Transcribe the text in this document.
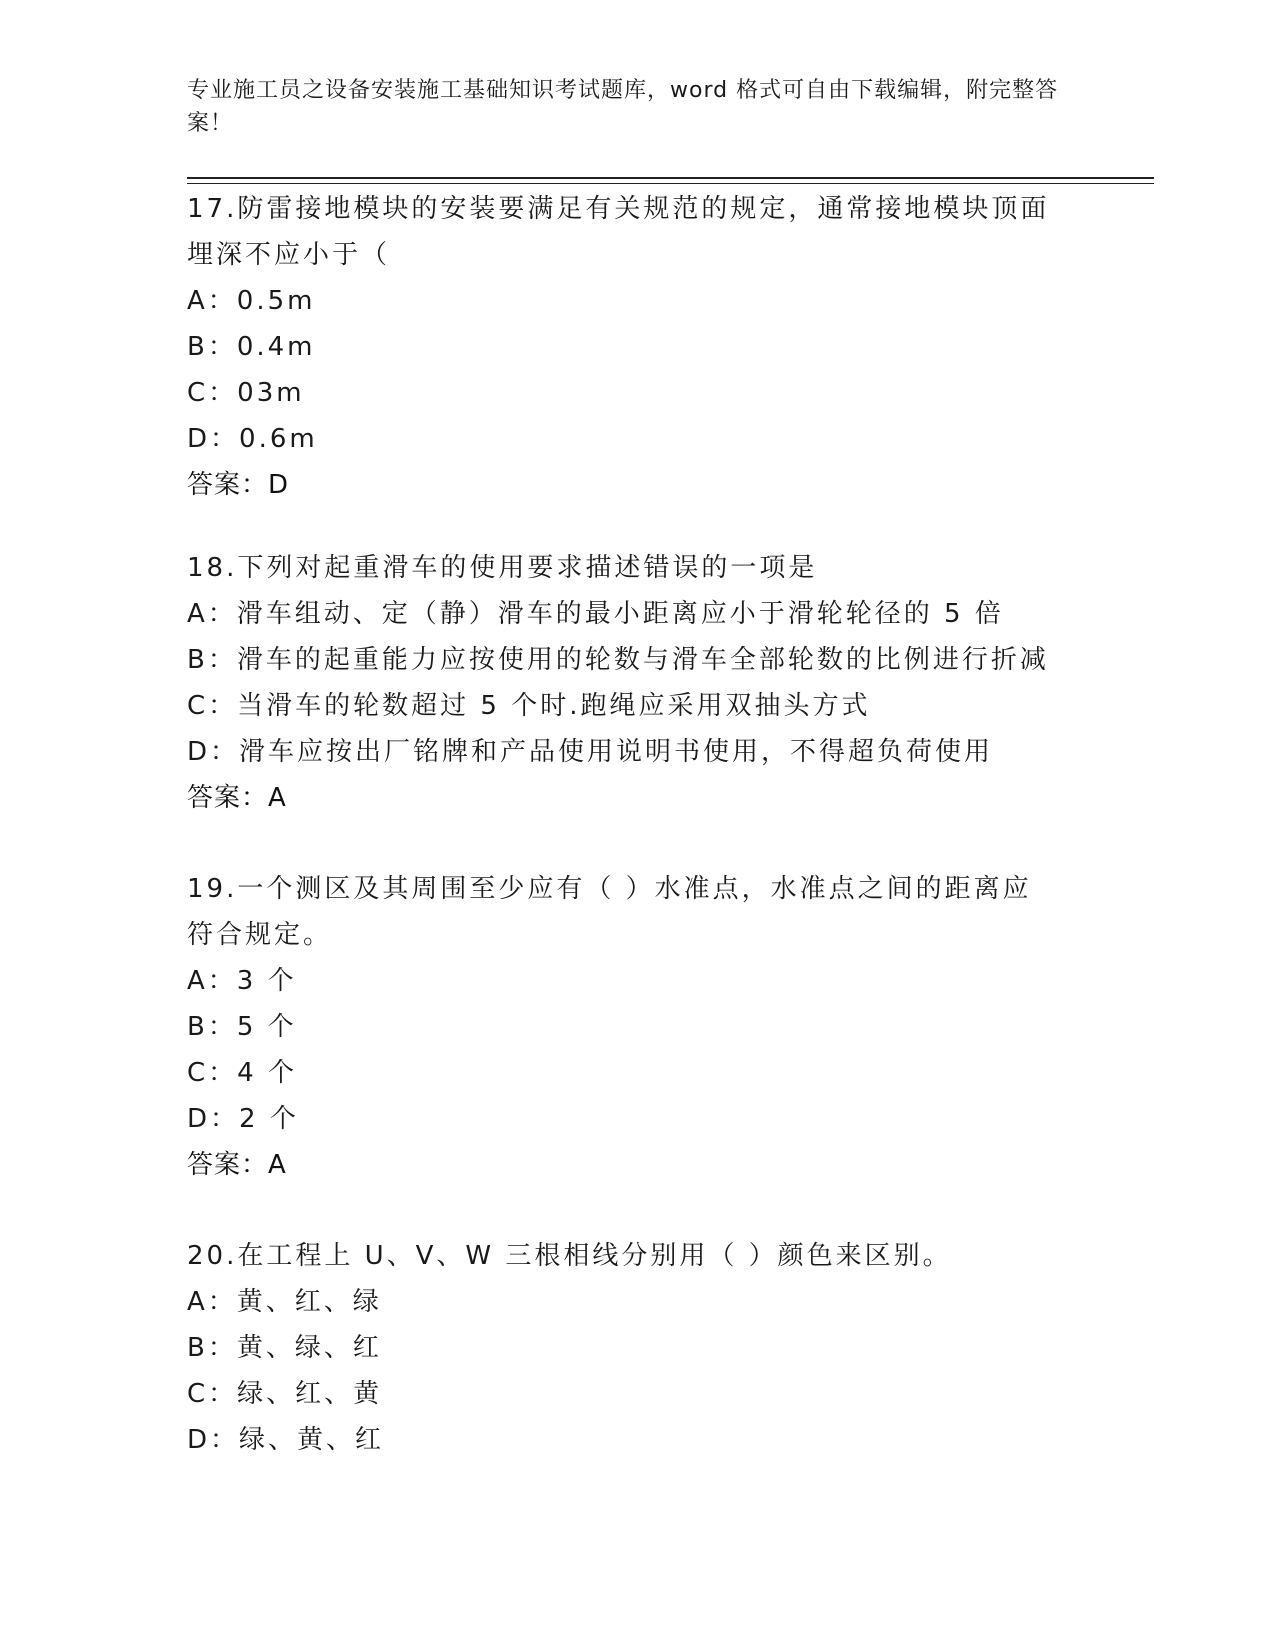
专业施工员之设备安装施工基础知识考试题库，word 格式可自由下载编辑，附完整答案！

17.防雷接地模块的安装要满足有关规范的规定，通常接地模块顶面埋深不应小于（

A：0.5m
B：0.4m
C：03m
D：0.6m
答案：D

18.下列对起重滑车的使用要求描述错误的一项是

A：滑车组动、定（静）滑车的最小距离应小于滑轮轮径的 5 倍
B：滑车的起重能力应按使用的轮数与滑车全部轮数的比例进行折减
C：当滑车的轮数超过 5 个时.跑绳应采用双抽头方式
D：滑车应按出厂铭牌和产品使用说明书使用，不得超负荷使用
答案：A

19.一个测区及其周围至少应有（ ）水准点，水准点之间的距离应符合规定。

A：3 个
B：5 个
C：4 个
D：2 个
答案：A

20.在工程上 U、V、W 三根相线分别用（ ）颜色来区别。

A：黄、红、绿
B：黄、绿、红
C：绿、红、黄
D：绿、黄、红
